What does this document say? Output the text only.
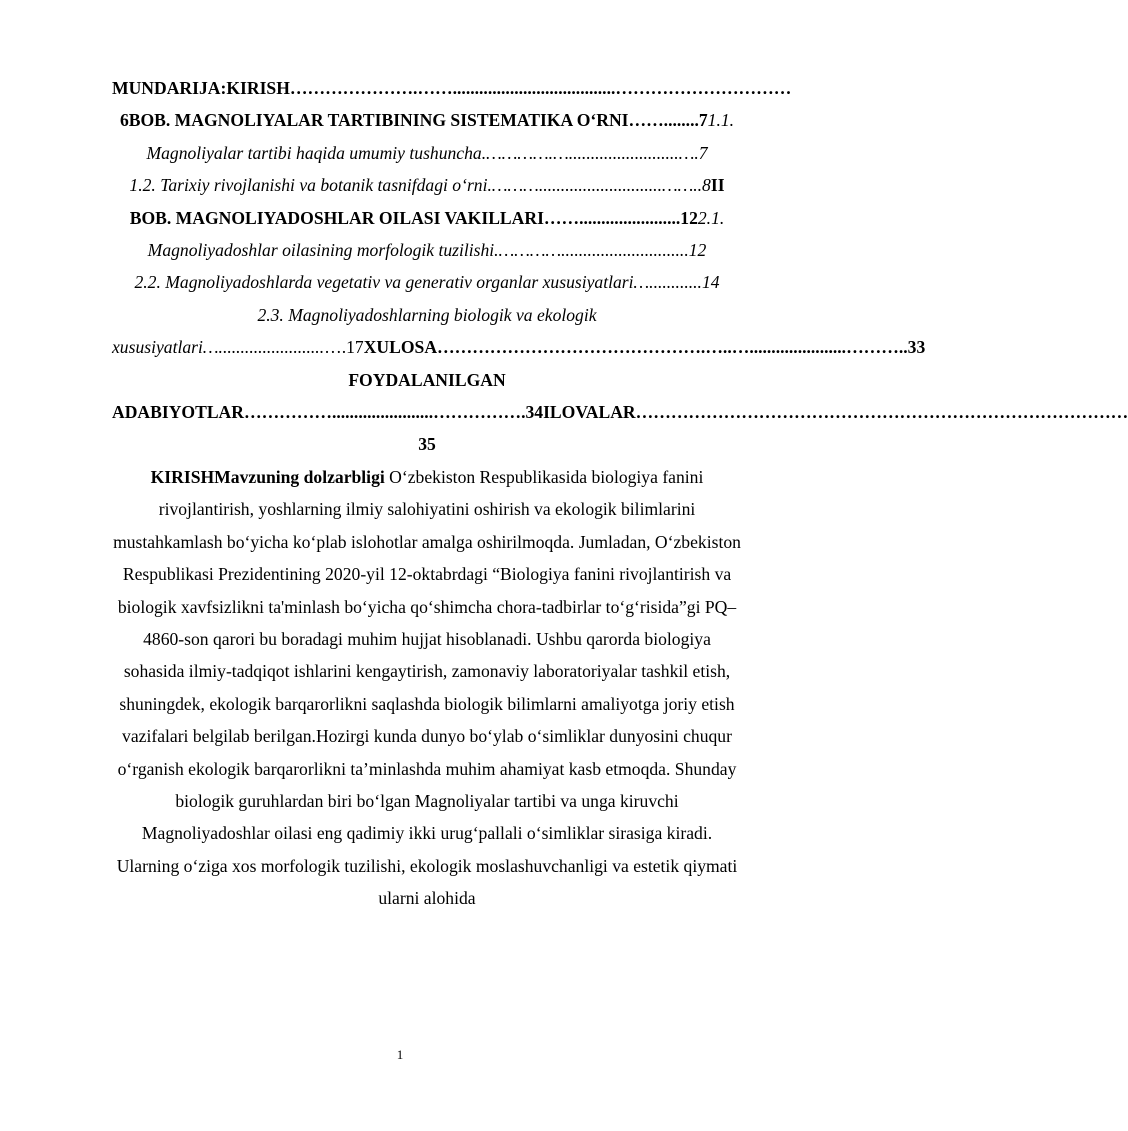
MUNDARIJA:KIRISH………………….…….....................................…………………………6BOB. MAGNOLIYALAR TARTIBINING SISTEMATIKA O‘RNI……........71.1. Magnoliyalar tartibi haqida umumiy tushuncha.………….….........................….7
1.2. Tarixiy rivojlanishi va botanik tasnifdagi o‘rni.………............................……..8II BOB. MAGNOLIYADOSHLAR OILASI VAKILLARI…….......................122.1. Magnoliyadoshlar oilasining morfologik tuzilishi.………….............................12
2.2. Magnoliyadoshlarda vegetativ va generativ organlar xususiyatlari…............14
2.3. Magnoliyadoshlarning biologik va ekologik xususiyatlari…........................….17XULOSA……………………………………….…..…......................………..33
FOYDALANILGAN ADABIYOTLAR…………….......................…………….34ILOVALAR…………………………………………………………………………35

KIRISHMavzuning dolzarbligi O‘zbekiston Respublikasida biologiya fanini rivojlantirish, yoshlarning ilmiy salohiyatini oshirish va ekologik bilimlarini mustahkamlash bo‘yicha ko‘plab islohotlar amalga oshirilmoqda. Jumladan, O‘zbekiston Respublikasi Prezidentining 2020-yil 12-oktabrdagi “Biologiya fanini rivojlantirish va biologik xavfsizlikni ta'minlash bo‘yicha qo‘shimcha chora-tadbirlar to‘g‘risida”gi PQ–4860-son qarori bu boradagi muhim hujjat hisoblanadi. Ushbu qarorda biologiya sohasida ilmiy-tadqiqot ishlarini kengaytirish, zamonaviy laboratoriyalar tashkil etish, shuningdek, ekologik barqarorlikni saqlashda biologik bilimlarni amaliyotga joriy etish vazifalari belgilab berilgan.Hozirgi kunda dunyo bo‘ylab o‘simliklar dunyosini chuqur o‘rganish ekologik barqarorlikni ta’minlashda muhim ahamiyat kasb etmoqda. Shunday biologik guruhlardan biri bo‘lgan Magnoliyalar tartibi va unga kiruvchi Magnoliyadoshlar oilasi eng qadimiy ikki urug‘pallali o‘simliklar sirasiga kiradi. Ularning o‘ziga xos morfologik tuzilishi, ekologik moslashuvchanligi va estetik qiymati ularni alohida

1
